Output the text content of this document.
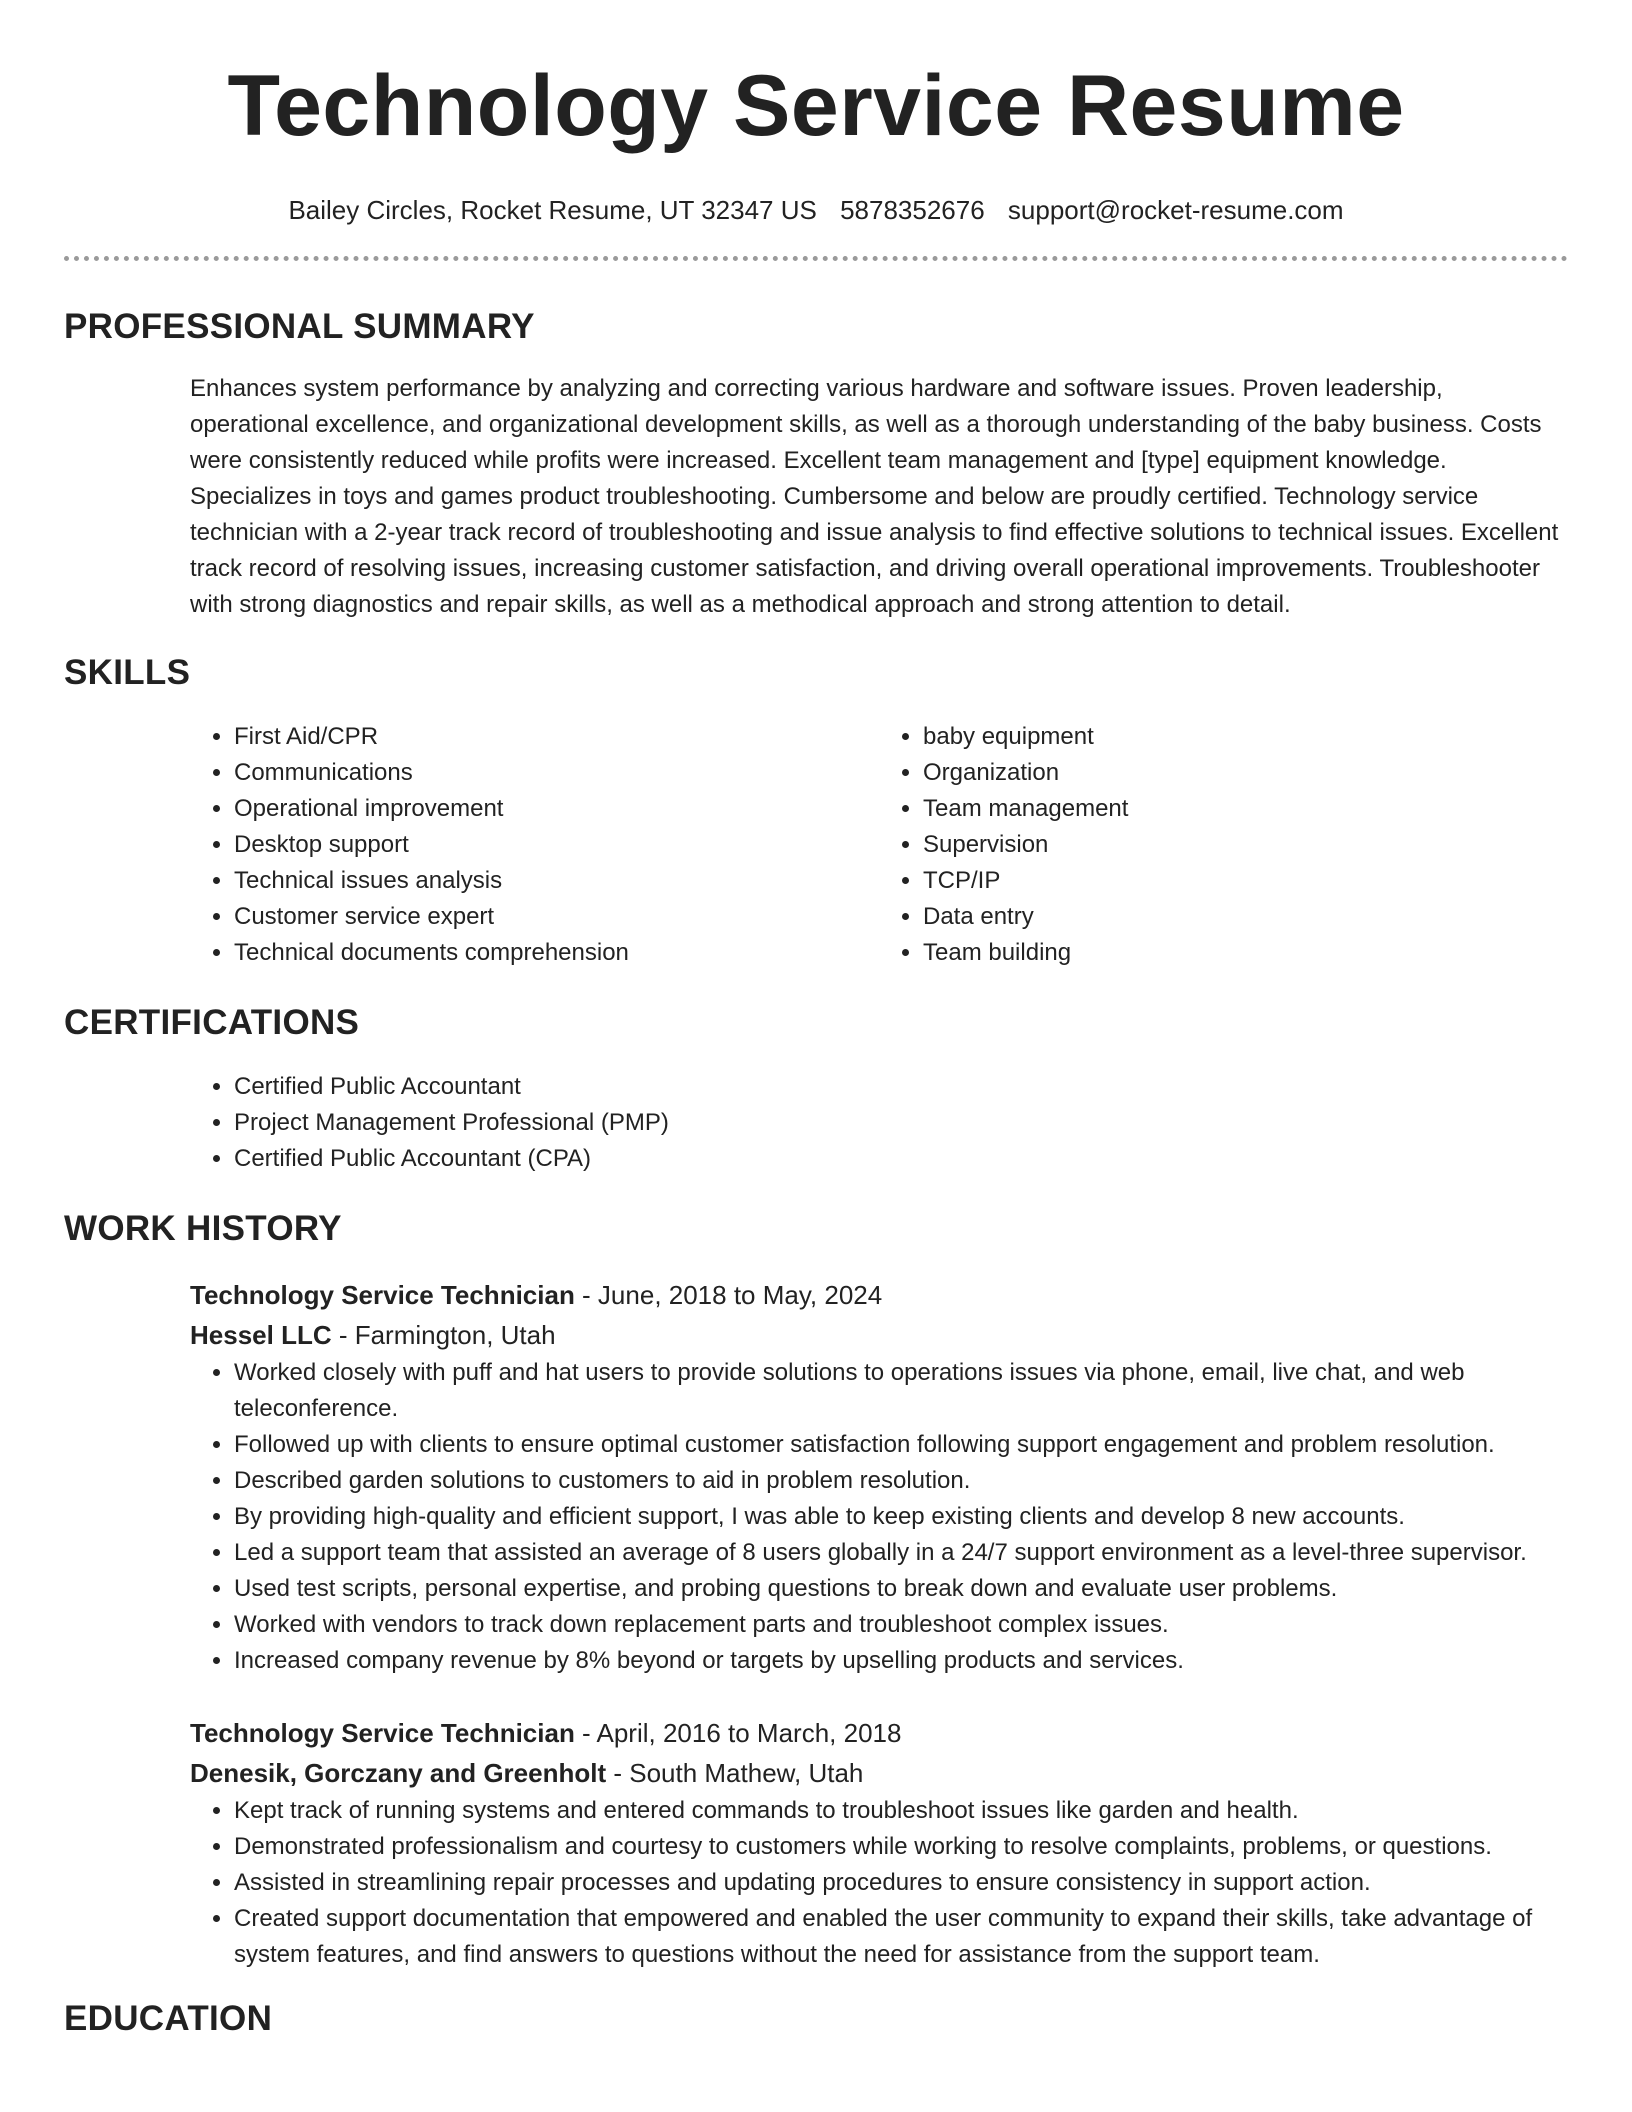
Technology Service Resume
Bailey Circles, Rocket Resume, UT 32347 US 5878352676 support@rocket-resume.com
PROFESSIONAL SUMMARY
Enhances system performance by analyzing and correcting various hardware and software issues. Proven leadership, operational excellence, and organizational development skills, as well as a thorough understanding of the baby business. Costs were consistently reduced while profits were increased. Excellent team management and [type] equipment knowledge. Specializes in toys and games product troubleshooting. Cumbersome and below are proudly certified. Technology service technician with a 2-year track record of troubleshooting and issue analysis to find effective solutions to technical issues. Excellent track record of resolving issues, increasing customer satisfaction, and driving overall operational improvements. Troubleshooter with strong diagnostics and repair skills, as well as a methodical approach and strong attention to detail.
SKILLS
• First Aid/CPR
• Communications
• Operational improvement
• Desktop support
• Technical issues analysis
• Customer service expert
• Technical documents comprehension
• baby equipment
• Organization
• Team management
• Supervision
• TCP/IP
• Data entry
• Team building
CERTIFICATIONS
• Certified Public Accountant
• Project Management Professional (PMP)
• Certified Public Accountant (CPA)
WORK HISTORY
Technology Service Technician - June, 2018 to May, 2024
Hessel LLC - Farmington, Utah
• Worked closely with puff and hat users to provide solutions to operations issues via phone, email, live chat, and web teleconference.
• Followed up with clients to ensure optimal customer satisfaction following support engagement and problem resolution.
• Described garden solutions to customers to aid in problem resolution.
• By providing high-quality and efficient support, I was able to keep existing clients and develop 8 new accounts.
• Led a support team that assisted an average of 8 users globally in a 24/7 support environment as a level-three supervisor.
• Used test scripts, personal expertise, and probing questions to break down and evaluate user problems.
• Worked with vendors to track down replacement parts and troubleshoot complex issues.
• Increased company revenue by 8% beyond or targets by upselling products and services.
Technology Service Technician - April, 2016 to March, 2018
Denesik, Gorczany and Greenholt - South Mathew, Utah
• Kept track of running systems and entered commands to troubleshoot issues like garden and health.
• Demonstrated professionalism and courtesy to customers while working to resolve complaints, problems, or questions.
• Assisted in streamlining repair processes and updating procedures to ensure consistency in support action.
• Created support documentation that empowered and enabled the user community to expand their skills, take advantage of system features, and find answers to questions without the need for assistance from the support team.
EDUCATION
